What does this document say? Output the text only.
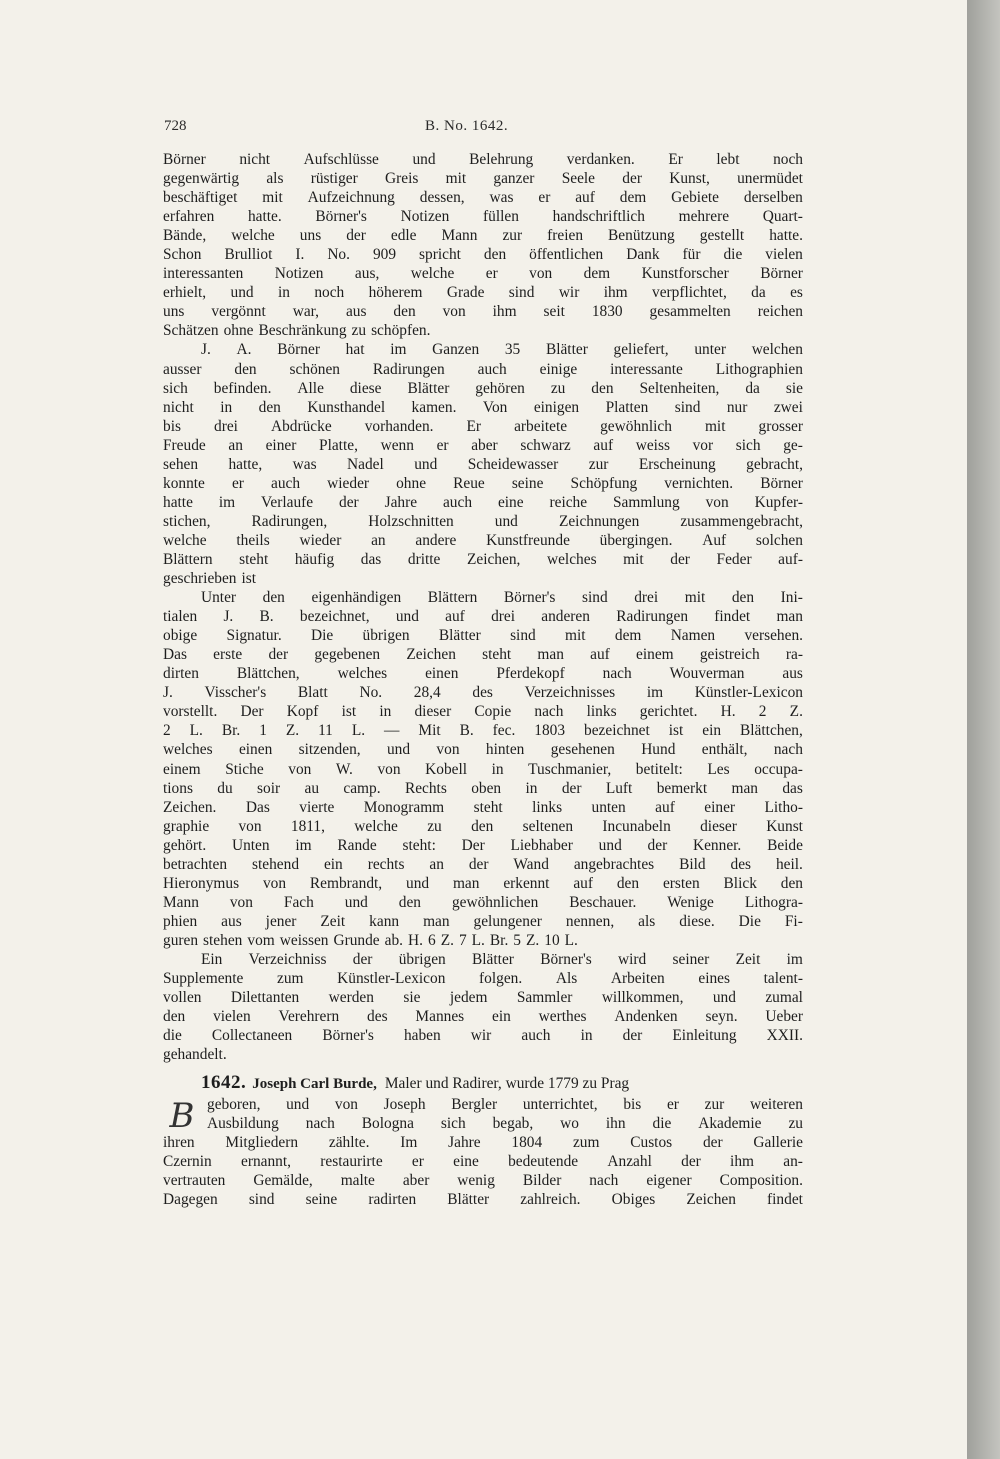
728	B. No. 1642.
Börner nicht Aufschlüsse und Belehrung verdanken. Er lebt noch
gegenwärtig als rüstiger Greis mit ganzer Seele der Kunst, unermüdet
beschäftiget mit Aufzeichnung dessen, was er auf dem Gebiete derselben
erfahren hatte. Börner's Notizen füllen handschriftlich mehrere Quart-
Bände, welche uns der edle Mann zur freien Benützung gestellt hatte.
Schon Brulliot I. No. 909 spricht den öffentlichen Dank für die vielen
interessanten Notizen aus, welche er von dem Kunstforscher Börner
erhielt, und in noch höherem Grade sind wir ihm verpflichtet, da es
uns vergönnt war, aus den von ihm seit 1830 gesammelten reichen
Schätzen ohne Beschränkung zu schöpfen.
J. A. Börner hat im Ganzen 35 Blätter geliefert, unter welchen
ausser den schönen Radirungen auch einige interessante Lithographien
sich befinden. Alle diese Blätter gehören zu den Seltenheiten, da sie
nicht in den Kunsthandel kamen. Von einigen Platten sind nur zwei
bis drei Abdrücke vorhanden. Er arbeitete gewöhnlich mit grosser
Freude an einer Platte, wenn er aber schwarz auf weiss vor sich ge-
sehen hatte, was Nadel und Scheidewasser zur Erscheinung gebracht,
konnte er auch wieder ohne Reue seine Schöpfung vernichten. Börner
hatte im Verlaufe der Jahre auch eine reiche Sammlung von Kupfer-
stichen,	Radirungen,	Holzschnitten	und	Zeichnungen	zusammengebracht,
welche theils wieder an andere Kunstfreunde übergingen. Auf solchen
Blättern steht häufig das dritte Zeichen, welches mit der Feder auf-
geschrieben ist
Unter den eigenhändigen Blättern Börner's sind drei mit den Ini-
tialen J. B. bezeichnet, und auf drei anderen Radirungen findet man
obige Signatur. Die übrigen Blätter sind mit dem Namen versehen.
Das erste der gegebenen Zeichen steht man auf einem geistreich ra-
dirten Blättchen, welches einen Pferdekopf nach Wouverman aus
J. Visscher's Blatt No. 28,4 des Verzeichnisses im Künstler-Lexicon
vorstellt. Der Kopf ist in dieser Copie nach links gerichtet. H. 2 Z.
2 L. Br. 1 Z. 11 L. — Mit B. fec. 1803 bezeichnet ist ein Blättchen,
welches einen sitzenden, und von hinten gesehenen Hund enthält, nach
einem Stiche von W. von Kobell in Tuschmanier, betitelt: Les occupa-
tions du soir au camp. Rechts oben in der Luft bemerkt man das
Zeichen. Das vierte Monogramm steht links unten auf einer Litho-
graphie von 1811, welche zu den seltenen Incunabeln dieser Kunst
gehört. Unten im Rande steht: Der Liebhaber und der Kenner. Beide
betrachten stehend ein rechts an der Wand angebrachtes Bild des heil.
Hieronymus von Rembrandt, und man erkennt auf den ersten Blick den
Mann von Fach und den gewöhnlichen Beschauer. Wenige Lithogra-
phien aus jener Zeit kann man gelungener nennen, als diese. Die Fi-
guren stehen vom weissen Grunde ab. H. 6 Z. 7 L. Br. 5 Z. 10 L.
Ein Verzeichniss der übrigen Blätter Börner's wird seiner Zeit im
Supplemente zum Künstler-Lexicon folgen. Als Arbeiten eines talent-
vollen Dilettanten werden sie jedem Sammler willkommen, und zumal
den vielen Verehrern des Mannes ein werthes Andenken seyn. Ueber
die Collectaneen Börner's haben wir auch in der Einleitung XXII.
gehandelt.
1642. Joseph Carl Burde, Maler und Radirer, wurde 1779 zu Prag
B geboren, und von Joseph Bergler unterrichtet, bis er zur weiteren
Ausbildung nach Bologna sich begab, wo ihn die Akademie zu
ihren Mitgliedern zählte. Im Jahre 1804 zum Custos der Gallerie
Czernin ernannt, restaurirte er eine bedeutende Anzahl der ihm an-
vertrauten Gemälde, malte aber wenig Bilder nach eigener Composition.
Dagegen sind seine radirten Blätter zahlreich. Obiges Zeichen findet
